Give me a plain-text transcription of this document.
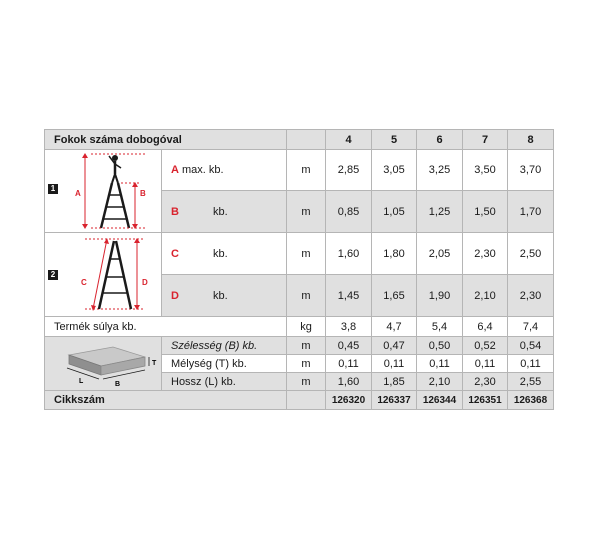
Fokok száma dobogóval			4	5	6	7	8

1
A B	A max. kb.	m	2,85	3,05	3,25	3,50	3,70
	B kb.	m	0,85	1,05	1,25	1,50	1,70

2
C D	C kb.	m	1,60	1,80	2,05	2,30	2,50
	D kb.	m	1,45	1,65	1,90	2,10	2,30
Termék súlya kb.		kg	3,8	4,7	5,4	6,4	7,4

T
L B	Szélesség (B) kb.	m	0,45	0,47	0,50	0,52	0,54
	Mélység (T) kb.	m	0,11	0,11	0,11	0,11	0,11
	Hossz (L) kb.	m	1,60	1,85	2,10	2,30	2,55
Cikkszám			126320	126337	126344	126351	126368
